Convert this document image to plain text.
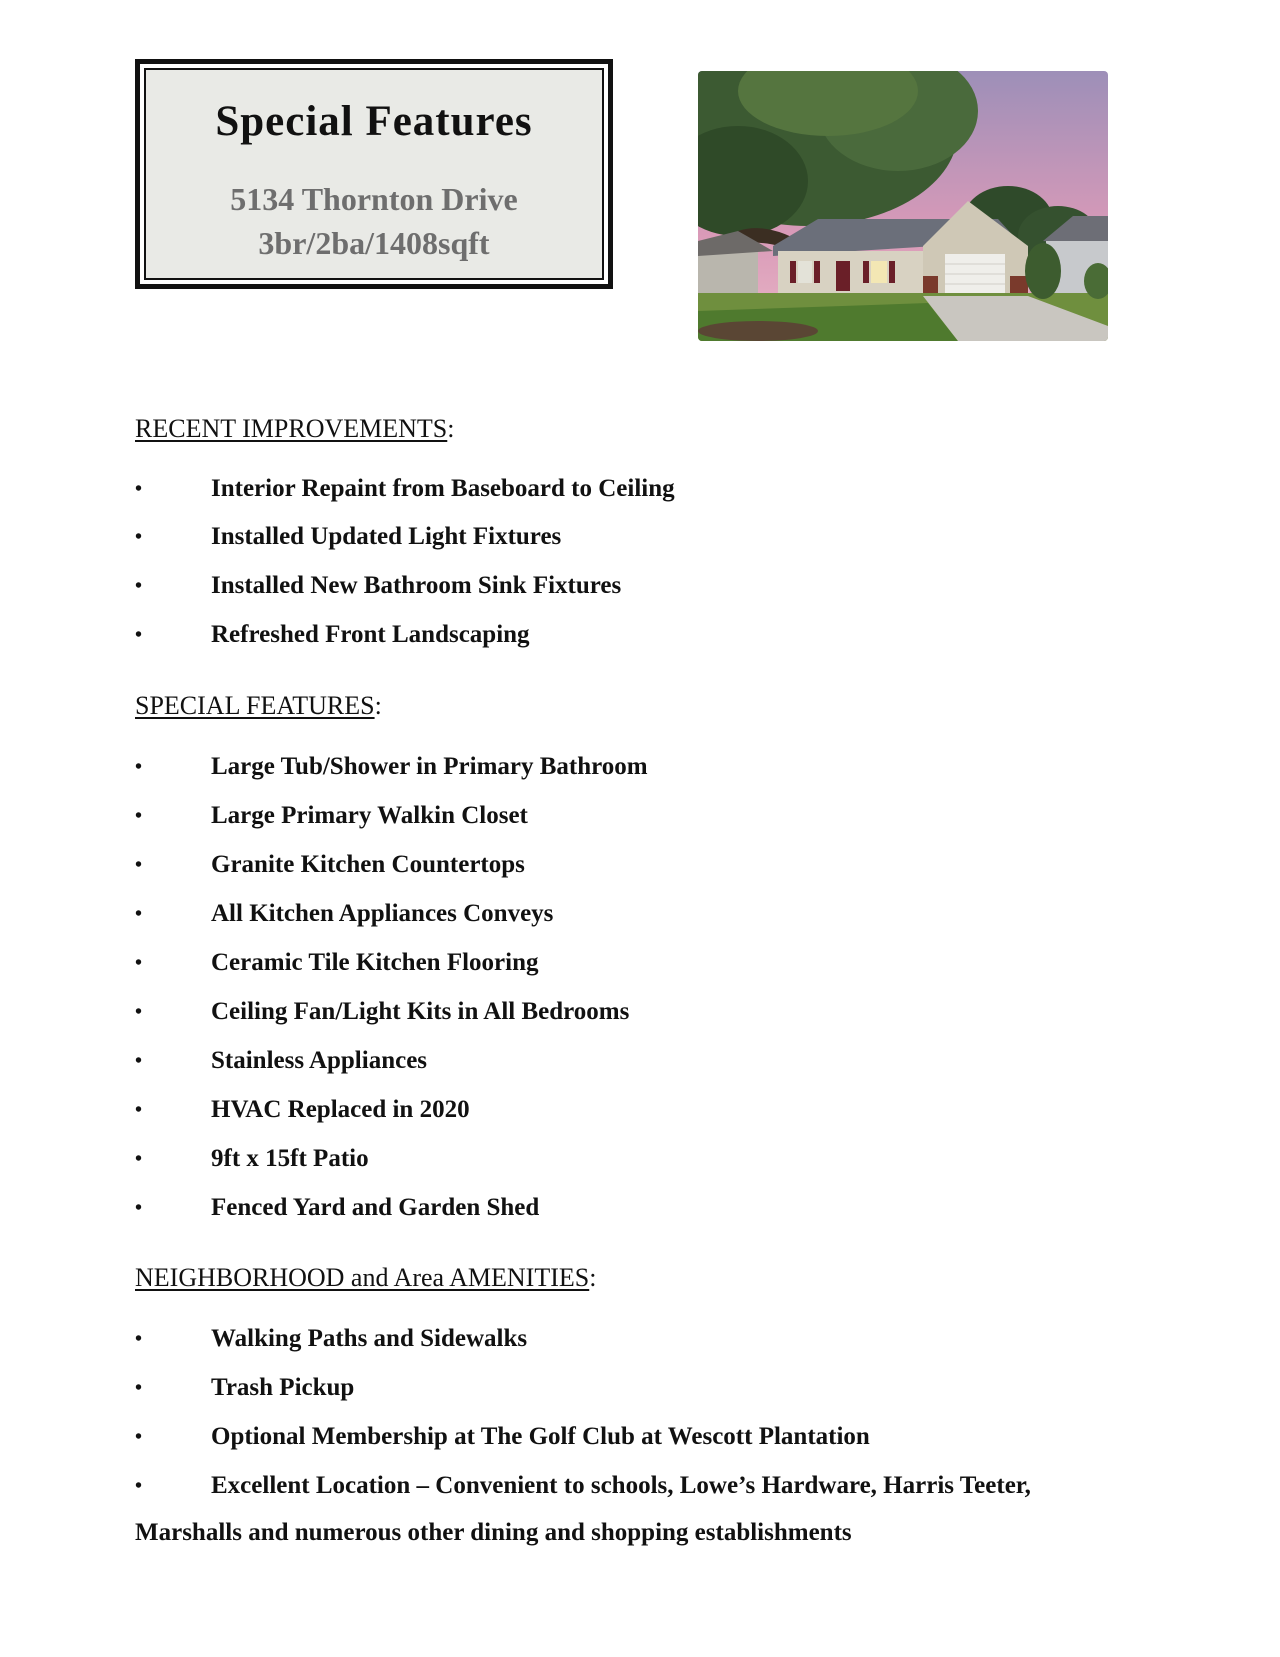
Special Features
5134 Thornton Drive
3br/2ba/1408sqft
RECENT IMPROVEMENTS:
•	Interior Repaint from Baseboard to Ceiling
•	Installed Updated Light Fixtures
•	Installed New Bathroom Sink Fixtures
•	Refreshed Front Landscaping
SPECIAL FEATURES:
•	Large Tub/Shower in Primary Bathroom
•	Large Primary Walkin Closet
•	Granite Kitchen Countertops
•	All Kitchen Appliances Conveys
•	Ceramic Tile Kitchen Flooring
•	Ceiling Fan/Light Kits in All Bedrooms
•	Stainless Appliances
•	HVAC Replaced in 2020
•	9ft x 15ft Patio
•	Fenced Yard and Garden Shed
NEIGHBORHOOD and Area AMENITIES:
•	Walking Paths and Sidewalks
•	Trash Pickup
•	Optional Membership at The Golf Club at Wescott Plantation
•	Excellent Location – Convenient to schools, Lowe’s Hardware, Harris Teeter,
Marshalls and numerous other dining and shopping establishments
